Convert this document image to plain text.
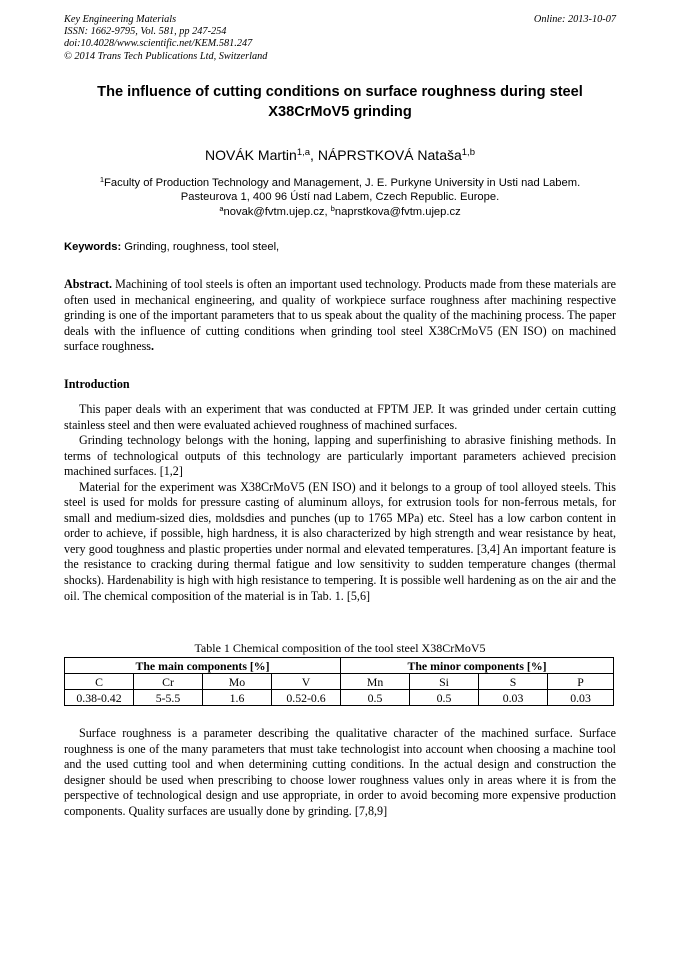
Key Engineering Materials
ISSN: 1662-9795, Vol. 581, pp 247-254
doi:10.4028/www.scientific.net/KEM.581.247
© 2014 Trans Tech Publications Ltd, Switzerland
Online: 2013-10-07
The influence of cutting conditions on surface roughness during steel
X38CrMoV5 grinding
NOVÁK Martin$^{1,a}$, NÁPRSTKOVÁ Nataša$^{1,b}$
$^1$Faculty of Production Technology and Management, J. E. Purkyne University in Usti nad Labem.
Pasteurova 1, 400 96 Ústí nad Labem, Czech Republic. Europe.
$^a$novak@fvtm.ujep.cz, $^b$naprstkova@fvtm.ujep.cz
Keywords: Grinding, roughness, tool steel,
Abstract. Machining of tool steels is often an important used technology. Products made from these materials are often used in mechanical engineering, and quality of workpiece surface roughness after machining respective grinding is one of the important parameters that to us speak about the quality of the machining process. The paper deals with the influence of cutting conditions when grinding tool steel X38CrMoV5 (EN ISO) on machined surface roughness.
Introduction

This paper deals with an experiment that was conducted at FPTM JEP. It was grinded under certain cutting stainless steel and then were evaluated achieved roughness of machined surfaces.

Grinding technology belongs with the honing, lapping and superfinishing to abrasive finishing methods. In terms of technological outputs of this technology are particularly important parameters achieved precision machined surfaces. [1,2]

Material for the experiment was X38CrMoV5 (EN ISO) and it belongs to a group of tool alloyed steels. This steel is used for molds for pressure casting of aluminum alloys, for extrusion tools for non-ferrous metals, for small and medium-sized dies, moldsdies and punches (up to 1765 MPa) etc. Steel has a low carbon content in order to achieve, if possible, high hardness, it is also characterized by high strength and wear resistance by heat, very good toughness and plastic properties under normal and elevated temperatures. [3,4] An important feature is the resistance to cracking during thermal fatigue and low sensitivity to sudden temperature changes (thermal shocks). Hardenability is high with high resistance to tempering. It is possible well hardening as on the air and the oil. The chemical composition of the material is in Tab. 1. [5,6]

Table 1 Chemical composition of the tool steel X38CrMoV5
The main components [%]				The minor components [%]			
C	Cr	Mo	V	Mn	Si	S	P
0.38-0.42	5-5.5	1.6	0.52-0.6	0.5	0.5	0.03	0.03

Surface roughness is a parameter describing the qualitative character of the machined surface. Surface roughness is one of the many parameters that must take technologist into account when choosing a machine tool and the used cutting tool and when determining cutting conditions. In the actual design and construction the designer should be used when prescribing to choose lower roughness values only in areas where it is from the perspective of technological design and use appropriate, in order to avoid becoming more expensive production components. Quality surfaces are usually done by grinding. [7,8,9]
